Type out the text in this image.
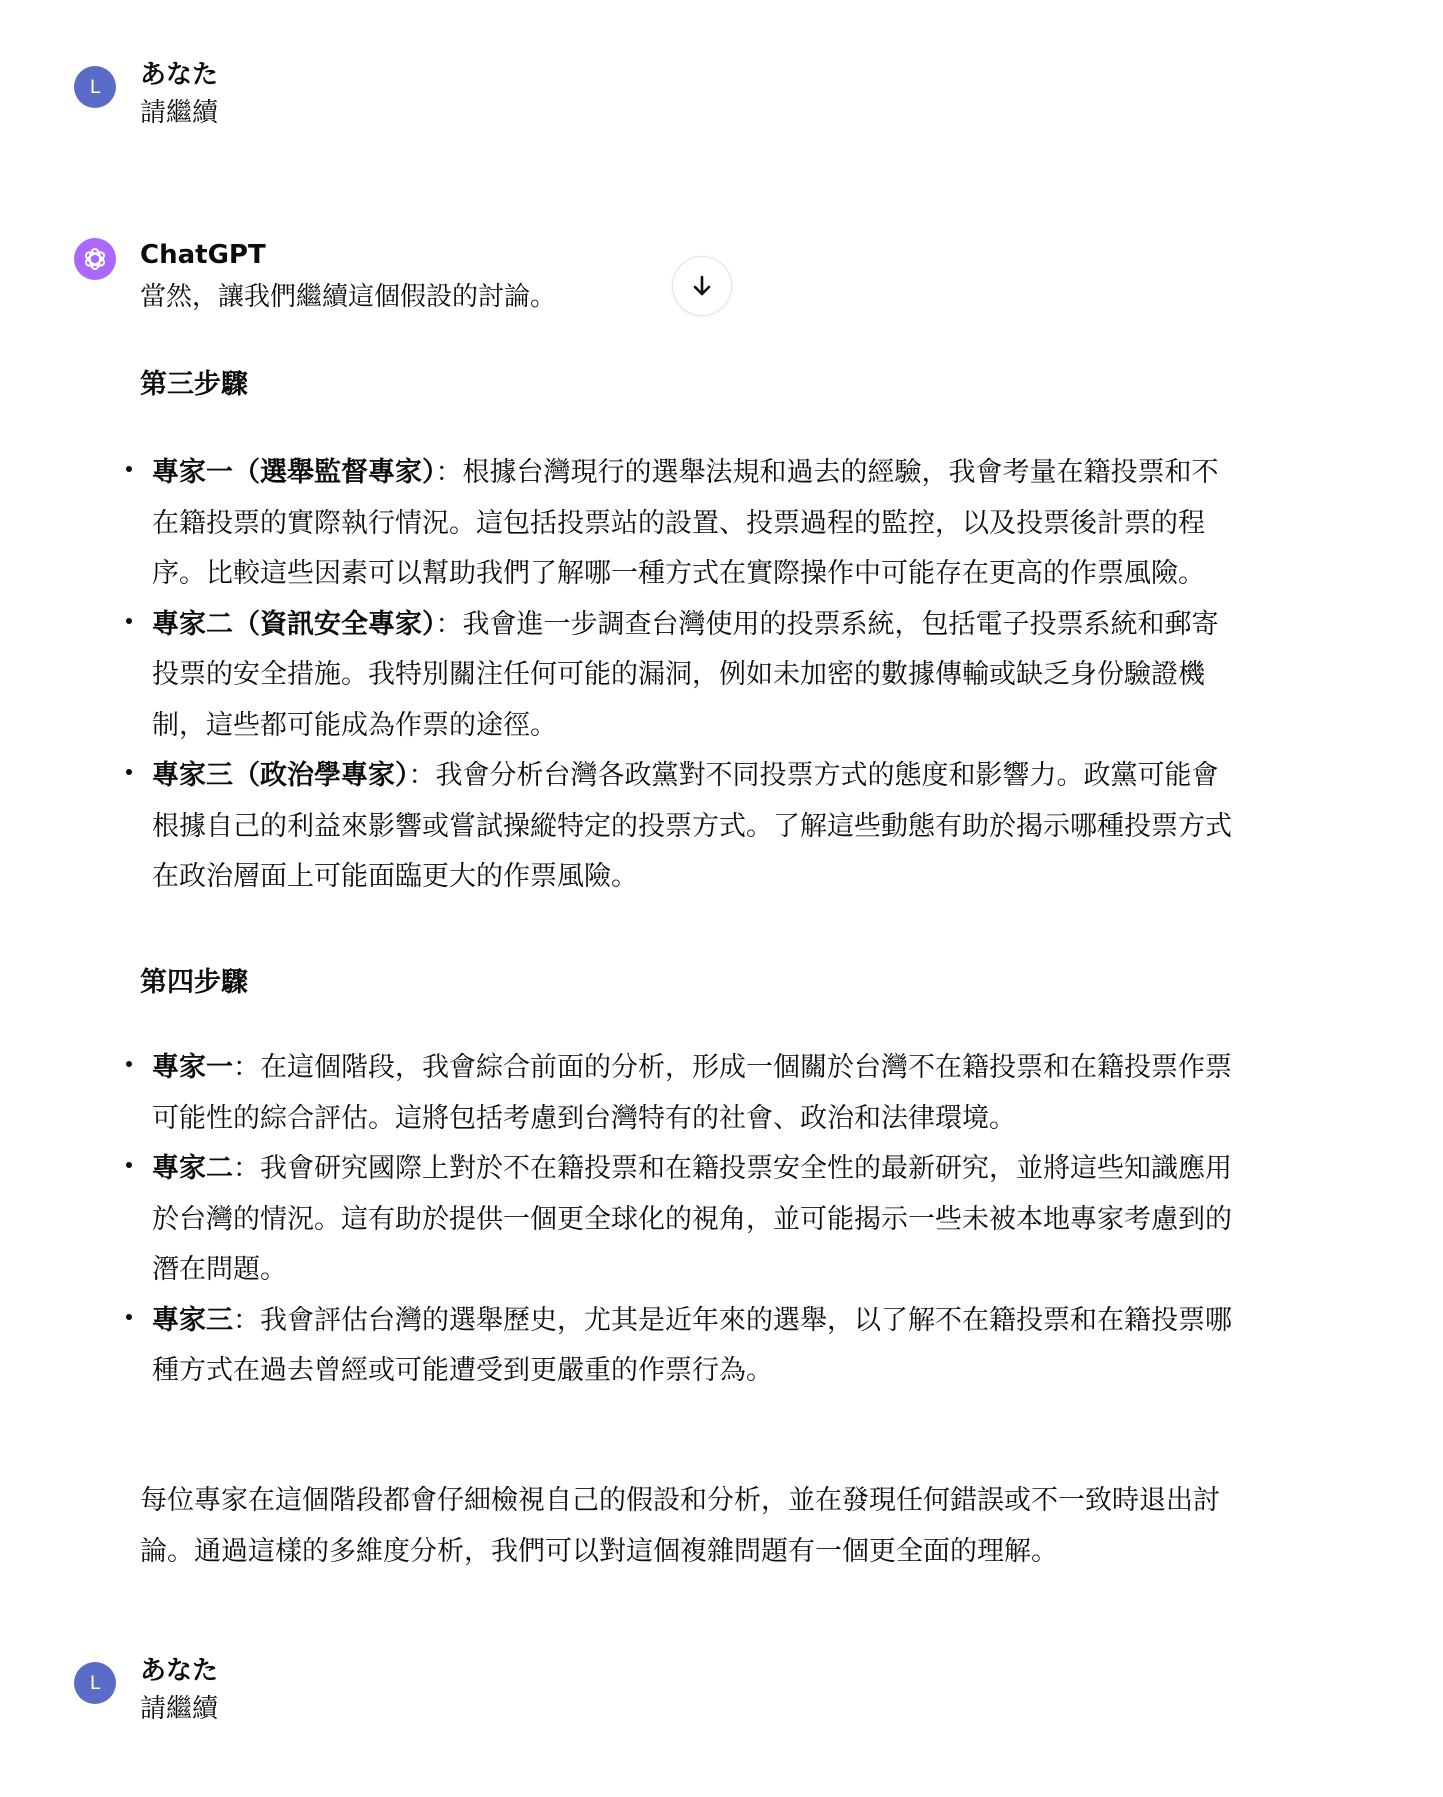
L あなた
請繼續
ChatGPT
當然，讓我們繼續這個假設的討論。
第三步驟

專家一（選舉監督專家）：根據台灣現行的選舉法規和過去的經驗，我會考量在籍投票和不在籍投票的實際執行情況。這包括投票站的設置、投票過程的監控，以及投票後計票的程序。比較這些因素可以幫助我們了解哪一種方式在實際操作中可能存在更高的作票風險。

專家二（資訊安全專家）：我會進一步調查台灣使用的投票系統，包括電子投票系統和郵寄投票的安全措施。我特別關注任何可能的漏洞，例如未加密的數據傳輸或缺乏身份驗證機制，這些都可能成為作票的途徑。

專家三（政治學專家）：我會分析台灣各政黨對不同投票方式的態度和影響力。政黨可能會根據自己的利益來影響或嘗試操縱特定的投票方式。了解這些動態有助於揭示哪種投票方式在政治層面上可能面臨更大的作票風險。

第四步驟

專家一：在這個階段，我會綜合前面的分析，形成一個關於台灣不在籍投票和在籍投票作票可能性的綜合評估。這將包括考慮到台灣特有的社會、政治和法律環境。

專家二：我會研究國際上對於不在籍投票和在籍投票安全性的最新研究，並將這些知識應用於台灣的情況。這有助於提供一個更全球化的視角，並可能揭示一些未被本地專家考慮到的潛在問題。

專家三：我會評估台灣的選舉歷史，尤其是近年來的選舉，以了解不在籍投票和在籍投票哪種方式在過去曾經或可能遭受到更嚴重的作票行為。

每位專家在這個階段都會仔細檢視自己的假設和分析，並在發現任何錯誤或不一致時退出討論。通過這樣的多維度分析，我們可以對這個複雜問題有一個更全面的理解。
L あなた
請繼續
